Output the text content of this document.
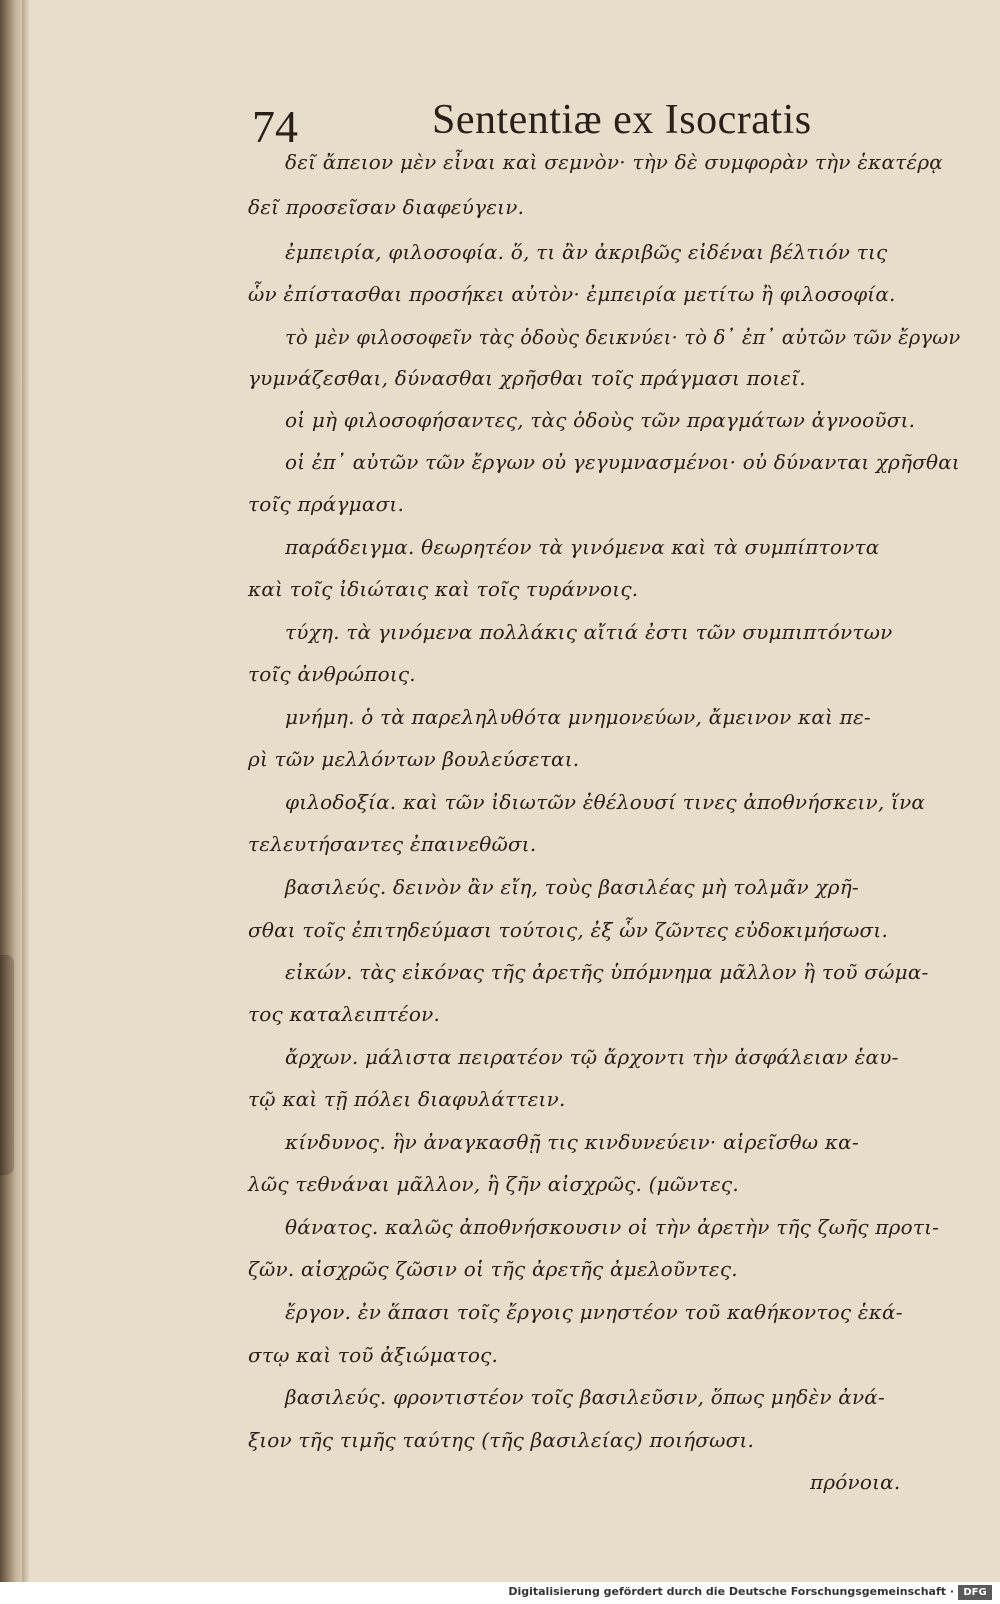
74	Sententiæ ex Isocratis
δεῖ ἄπειον μὲν εἶναι καὶ σεμνὸν· τὴν δὲ συμφορὰν τὴν ἑκατέρᾳ
δεῖ προσεῖσαν διαφεύγειν.
ἐμπειρία, φιλοσοφία. ὅ, τι ἂν ἀκριβῶς εἰδέναι βέλτιόν τις
ὧν ἐπίστασθαι προσήκει αὐτὸν· ἐμπειρία μετίτω ἢ φιλοσοφία.
τὸ μὲν φιλοσοφεῖν τὰς ὁδοὺς δεικνύει· τὸ δ᾽ ἐπ᾽ αὐτῶν τῶν ἔργων
γυμνάζεσθαι, δύνασθαι χρῆσθαι τοῖς πράγμασι ποιεῖ.
οἱ μὴ φιλοσοφήσαντες, τὰς ὁδοὺς τῶν πραγμάτων ἀγνοοῦσι.
οἱ ἐπ᾽ αὐτῶν τῶν ἔργων οὐ γεγυμνασμένοι· οὐ δύνανται χρῆσθαι
τοῖς πράγμασι.
παράδειγμα. θεωρητέον τὰ γινόμενα καὶ τὰ συμπίπτοντα
καὶ τοῖς ἰδιώταις καὶ τοῖς τυράννοις.
τύχη. τὰ γινόμενα πολλάκις αἴτιά ἐστι τῶν συμπιπτόντων
τοῖς ἀνθρώποις.
μνήμη. ὁ τὰ παρεληλυθότα μνημονεύων, ἄμεινον καὶ πε-
ρὶ τῶν μελλόντων βουλεύσεται.
φιλοδοξία. καὶ τῶν ἰδιωτῶν ἐθέλουσί τινες ἀποθνήσκειν, ἵνα
τελευτήσαντες ἐπαινεθῶσι.
βασιλεύς. δεινὸν ἂν εἴη, τοὺς βασιλέας μὴ τολμᾶν χρῆ-
σθαι τοῖς ἐπιτηδεύμασι τούτοις, ἐξ ὧν ζῶντες εὐδοκιμήσωσι.
εἰκών. τὰς εἰκόνας τῆς ἀρετῆς ὑπόμνημα μᾶλλον ἢ τοῦ σώμα-
τος καταλειπτέον.
ἄρχων. μάλιστα πειρατέον τῷ ἄρχοντι τὴν ἀσφάλειαν ἑαυ-
τῷ καὶ τῇ πόλει διαφυλάττειν.
κίνδυνος. ἣν ἀναγκασθῇ τις κινδυνεύειν· αἱρεῖσθω κα-
λῶς τεθνάναι μᾶλλον, ἢ ζῆν αἰσχρῶς. (μῶντες.
θάνατος. καλῶς ἀποθνήσκουσιν οἱ τὴν ἀρετὴν τῆς ζωῆς προτι-
ζῶν. αἰσχρῶς ζῶσιν οἱ τῆς ἀρετῆς ἀμελοῦντες.
ἔργον. ἐν ἅπασι τοῖς ἔργοις μνηστέον τοῦ καθήκοντος ἑκά-
στῳ καὶ τοῦ ἀξιώματος.
βασιλεύς. φροντιστέον τοῖς βασιλεῦσιν, ὅπως μηδὲν ἀνά-
ξιον τῆς τιμῆς ταύτης (τῆς βασιλείας) ποιήσωσι.
πρόνοια.
Digitalisierung gefördert durch die Deutsche Forschungsgemeinschaft · DFG
